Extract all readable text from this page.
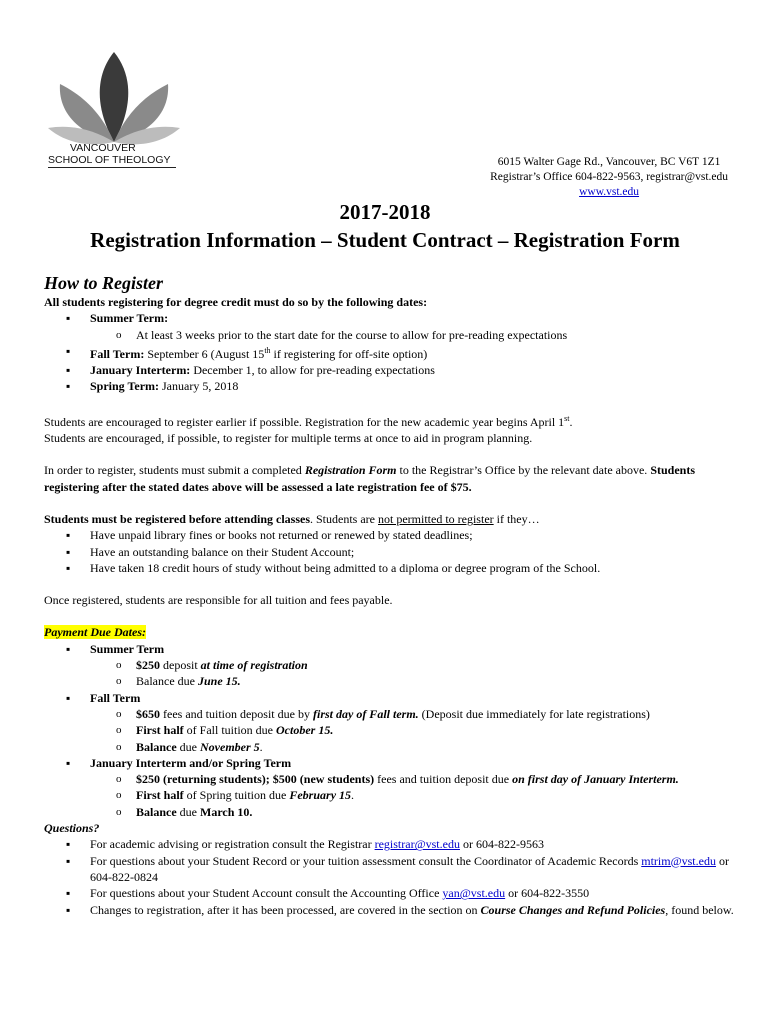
VANCOUVER
SCHOOL OF THEOLOGY	6015 Walter Gage Rd., Vancouver, BC V6T 1Z1
Registrar’s Office 604-822-9563, registrar@vst.edu
www.vst.edu
2017-2018
Registration Information – Student Contract – Registration Form
How to Register

All students registering for degree credit must do so by the following dates:

▪ Summer Term:
o At least 3 weeks prior to the start date for the course to allow for pre-reading expectations
▪ Fall Term: September 6 (August 15th if registering for off-site option)
▪ January Interterm: December 1, to allow for pre-reading expectations
▪ Spring Term: January 5, 2018

Students are encouraged to register earlier if possible. Registration for the new academic year begins April 1st.
Students are encouraged, if possible, to register for multiple terms at once to aid in program planning.

In order to register, students must submit a completed Registration Form to the Registrar’s Office by the relevant date above. Students registering after the stated dates above will be assessed a late registration fee of $75.

Students must be registered before attending classes. Students are not permitted to register if they…

▪ Have unpaid library fines or books not returned or renewed by stated deadlines;
▪ Have an outstanding balance on their Student Account;
▪ Have taken 18 credit hours of study without being admitted to a diploma or degree program of the School.

Once registered, students are responsible for all tuition and fees payable.

Payment Due Dates:

▪ Summer Term
o $250 deposit at time of registration
o Balance due June 15.
▪ Fall Term
o $650 fees and tuition deposit due by first day of Fall term. (Deposit due immediately for late registrations)
o First half of Fall tuition due October 15.
o Balance due November 5.
▪ January Interterm and/or Spring Term
o $250 (returning students); $500 (new students) fees and tuition deposit due on first day of January Interterm.
o First half of Spring tuition due February 15.
o Balance due March 10.

Questions?

▪ For academic advising or registration consult the Registrar registrar@vst.edu or 604-822-9563
▪ For questions about your Student Record or your tuition assessment consult the Coordinator of Academic Records mtrim@vst.edu or 604-822-0824
▪ For questions about your Student Account consult the Accounting Office yan@vst.edu or 604-822-3550
▪ Changes to registration, after it has been processed, are covered in the section on Course Changes and Refund Policies, found below.
